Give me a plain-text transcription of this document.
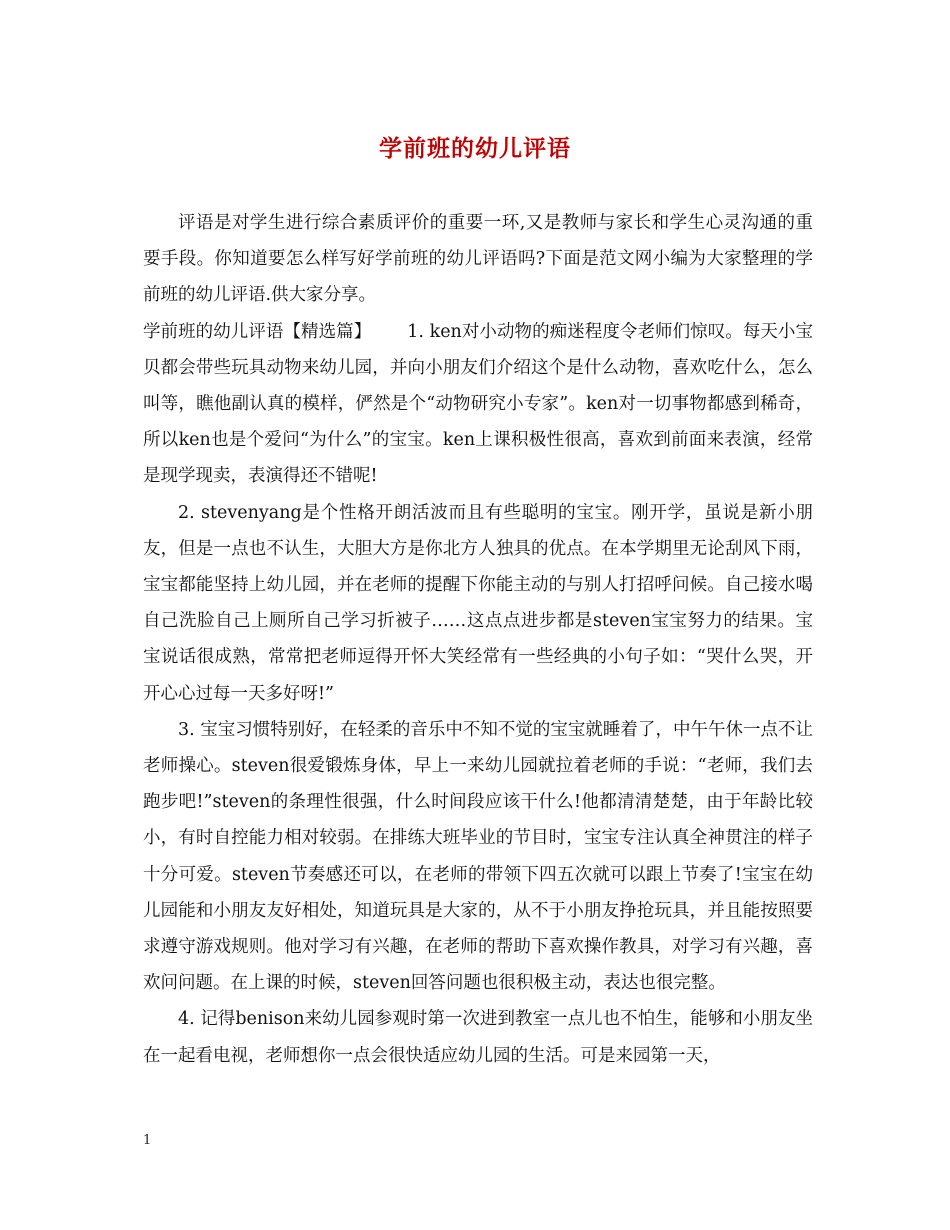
学前班的幼儿评语

评语是对学生进行综合素质评价的重要一环,又是教师与家长和学生心灵沟通的重要手段。你知道要怎么样写好学前班的幼儿评语吗?下面是范文网小编为大家整理的学前班的幼儿评语.供大家分享。

学前班的幼儿评语【精选篇】 1. ken对小动物的痴迷程度令老师们惊叹。每天小宝贝都会带些玩具动物来幼儿园，并向小朋友们介绍这个是什么动物，喜欢吃什么，怎么叫等，瞧他副认真的模样，俨然是个“动物研究小专家”。ken对一切事物都感到稀奇，所以ken也是个爱问“为什么”的宝宝。ken上课积极性很高，喜欢到前面来表演，经常是现学现卖，表演得还不错呢!

2. stevenyang是个性格开朗活波而且有些聪明的宝宝。刚开学，虽说是新小朋友，但是一点也不认生，大胆大方是你北方人独具的优点。在本学期里无论刮风下雨，宝宝都能坚持上幼儿园，并在老师的提醒下你能主动的与别人打招呼问候。自己接水喝自己洗脸自己上厕所自己学习折被子……这点点进步都是steven宝宝努力的结果。宝宝说话很成熟，常常把老师逗得开怀大笑经常有一些经典的小句子如：“哭什么哭，开开心心过每一天多好呀!”

3. 宝宝习惯特别好，在轻柔的音乐中不知不觉的宝宝就睡着了，中午午休一点不让老师操心。steven很爱锻炼身体，早上一来幼儿园就拉着老师的手说：“老师，我们去跑步吧!”steven的条理性很强，什么时间段应该干什么!他都清清楚楚，由于年龄比较小，有时自控能力相对较弱。在排练大班毕业的节目时，宝宝专注认真全神贯注的样子十分可爱。steven节奏感还可以，在老师的带领下四五次就可以跟上节奏了!宝宝在幼儿园能和小朋友友好相处，知道玩具是大家的，从不于小朋友挣抢玩具，并且能按照要求遵守游戏规则。他对学习有兴趣，在老师的帮助下喜欢操作教具，对学习有兴趣，喜欢问问题。在上课的时候，steven回答问题也很积极主动，表达也很完整。

4. 记得benison来幼儿园参观时第一次进到教室一点儿也不怕生，能够和小朋友坐在一起看电视，老师想你一点会很快适应幼儿园的生活。可是来园第一天，

1
